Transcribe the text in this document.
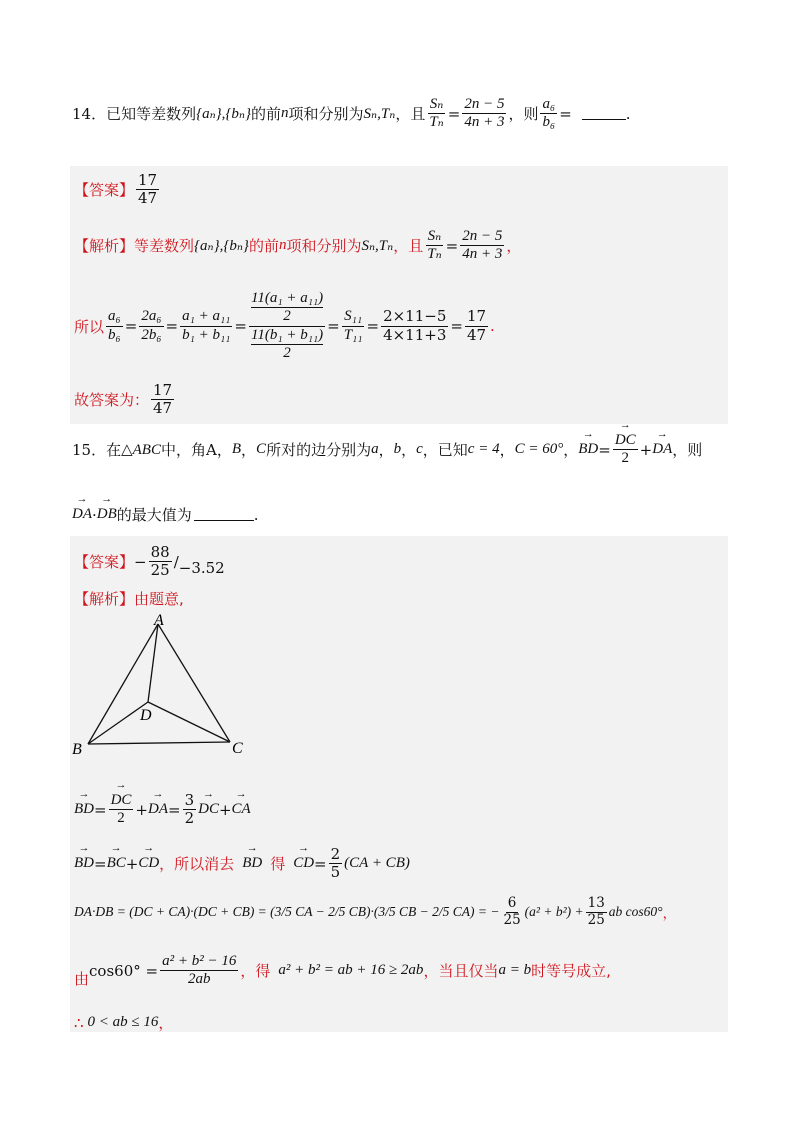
14． 已知等差数列 {aₙ},{bₙ} 的前 n 项和分别为 Sₙ,Tₙ ，且 $\frac{\text{Sₙ}}{\text{Tₙ}} = \frac{2n - 5}{4n + 3}$ ，则 $\frac{\text{a₆}}{\text{b₆}}$ =	.
【答案】 $\frac{17}{47}$
【解析】 等差数列 {aₙ},{bₙ} 的前 n 项和分别为 Sₙ,Tₙ ，且 $\frac{\text{Sₙ}}{\text{Tₙ}} = \frac{2n - 5}{4n + 3}$ ，
所以 $\frac{\text{a₆}}{\text{b₆}} = \frac{\text{2a₆}}{\text{2b₆}} = \frac{\text{a₁ + a₁₁}}{\text{b₁ + b₁₁}} = 11(a_1 + a_{11})$
2
11(b₁ + b₁₁)
$2 = \frac{\text{S₁₁}}{\text{T₁₁}} = \frac{2\times 11-5}{4\times 11+3} = \frac{17}{47}$ .
故答案为： $\frac{17}{47}$
15． 在 △ABC 中，角 A ， B ， C 所对的边分别为 a ， b ， c ，已知 c = 4 ， C = 60° ， → BD = → $\frac{DC}{2}$ + → DA ，则
→ DA · → DB 的最大值为	.
【答案】 − $\frac{88}{25} / -3.52$
【解析】 由题意,
A
B	C
D
→ BD = → $\frac{DC}{2}$ + → DA = $\frac{3}{2}$ → DC + → CA
→ BD = → BC + → CD ，所以消去 → BD 得 → CD = $\frac{2}{5} (CA + CB)$
DA·DB = (DC + CA)·(DC + CB) = (3/5 CA − 2/5 CB)·(3/5 CB − 2/5 CA) = − $\frac{6}{25} (a^2 + b^2) + \frac{13}{25}$ ab cos60° ，
由 $\cos 60^\circ = \frac{\text{a² + b² − 16}}{2ab}$ ，得 a² + b² = ab + 16 ≥ 2ab ，当且仅当 a = b 时等号成立,
∴ 0 < ab ≤ 16 ，
